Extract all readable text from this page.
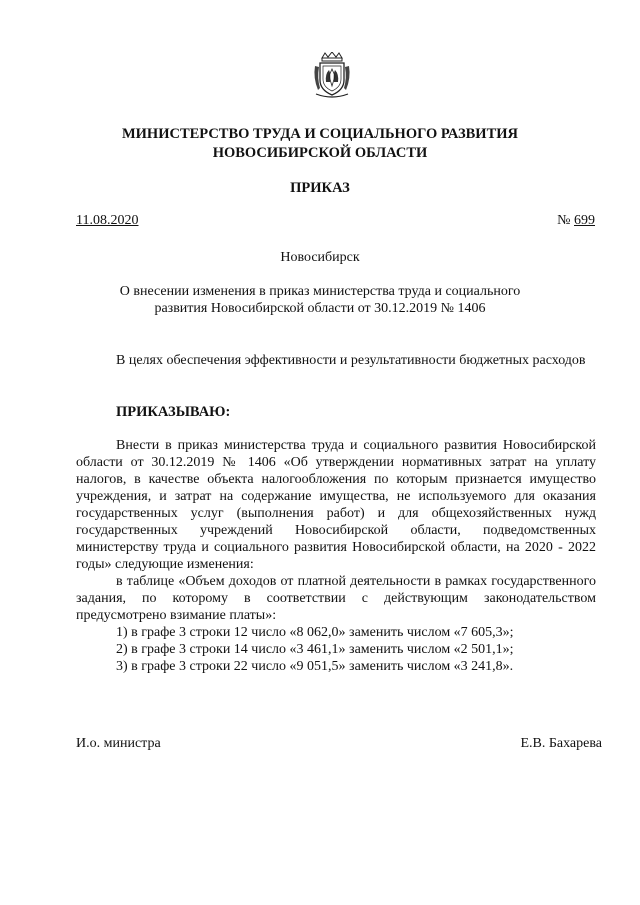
МИНИСТЕРСТВО ТРУДА И СОЦИАЛЬНОГО РАЗВИТИЯ
НОВОСИБИРСКОЙ ОБЛАСТИ
ПРИКАЗ
11.08.2020	№ 699
Новосибирск
О внесении изменения в приказ министерства труда и социального
развития Новосибирской области от 30.12.2019 № 1406

В целях обеспечения эффективности и результативности бюджетных расходов

ПРИКАЗЫВАЮ:

Внести в приказ министерства труда и социального развития Новосибирской области от 30.12.2019 № 1406 «Об утверждении нормативных затрат на уплату налогов, в качестве объекта налогообложения по которым признается имущество учреждения, и затрат на содержание имущества, не используемого для оказания государственных услуг (выполнения работ) и для общехозяйственных нужд государственных учреждений Новосибирской области, подведомственных министерству труда и социального развития Новосибирской области, на 2020 - 2022 годы» следующие изменения:

в таблице «Объем доходов от платной деятельности в рамках государственного задания, по которому в соответствии с действующим законодательством предусмотрено взимание платы»:

1) в графе 3 строки 12 число «8 062,0» заменить числом «7 605,3»;

2) в графе 3 строки 14 число «3 461,1» заменить числом «2 501,1»;

3) в графе 3 строки 22 число «9 051,5» заменить числом «3 241,8».

И.о. министра	Е.В. Бахарева
